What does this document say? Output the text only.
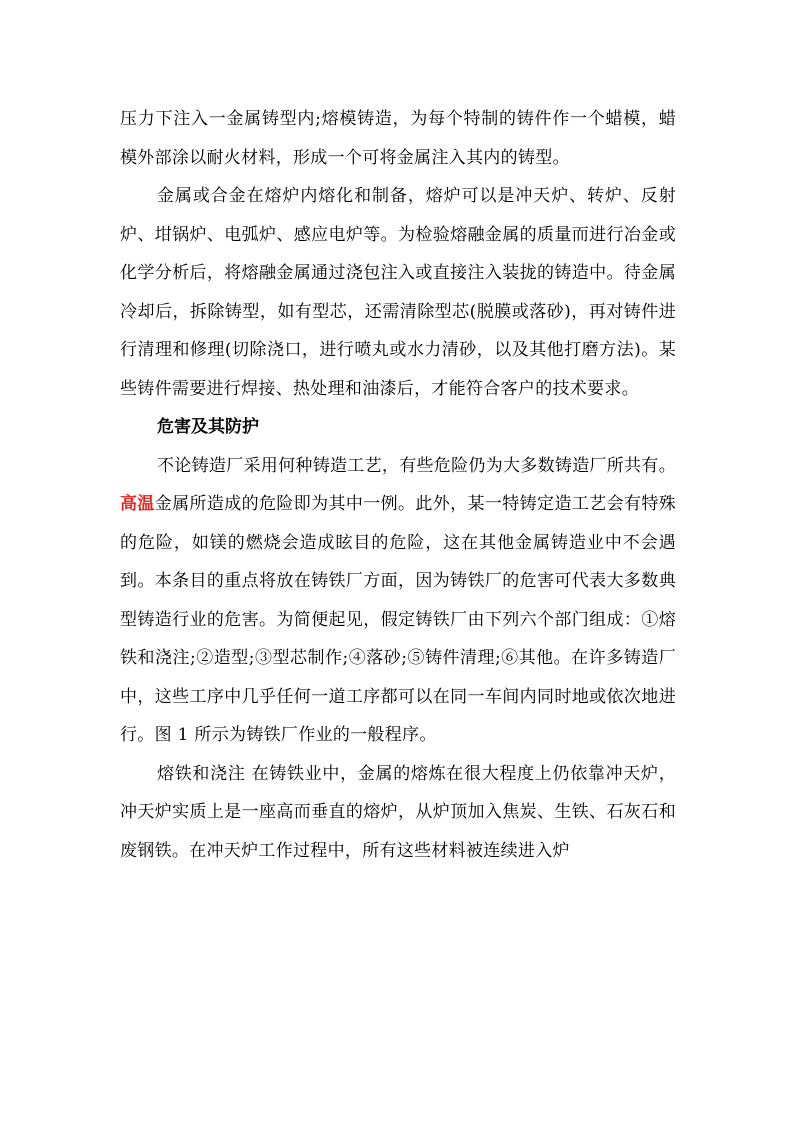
压力下注入一金属铸型内;熔模铸造，为每个特制的铸件作一个蜡模，蜡模外部涂以耐火材料，形成一个可将金属注入其内的铸型。

金属或合金在熔炉内熔化和制备，熔炉可以是冲天炉、转炉、反射炉、坩锅炉、电弧炉、感应电炉等。为检验熔融金属的质量而进行冶金或化学分析后，将熔融金属通过浇包注入或直接注入装拢的铸造中。待金属冷却后，拆除铸型，如有型芯，还需清除型芯(脱膜或落砂)，再对铸件进行清理和修理(切除浇口，进行喷丸或水力清砂，以及其他打磨方法)。某些铸件需要进行焊接、热处理和油漆后，才能符合客户的技术要求。

危害及其防护

不论铸造厂采用何种铸造工艺，有些危险仍为大多数铸造厂所共有。高温金属所造成的危险即为其中一例。此外，某一特铸定造工艺会有特殊的危险，如镁的燃烧会造成眩目的危险，这在其他金属铸造业中不会遇到。本条目的重点将放在铸铁厂方面，因为铸铁厂的危害可代表大多数典型铸造行业的危害。为简便起见，假定铸铁厂由下列六个部门组成：①熔铁和浇注;②造型;③型芯制作;④落砂;⑤铸件清理;⑥其他。在许多铸造厂中，这些工序中几乎任何一道工序都可以在同一车间内同时地或依次地进行。图 1 所示为铸铁厂作业的一般程序。

熔铁和浇注 在铸铁业中，金属的熔炼在很大程度上仍依靠冲天炉，冲天炉实质上是一座高而垂直的熔炉，从炉顶加入焦炭、生铁、石灰石和废钢铁。在冲天炉工作过程中，所有这些材料被连续进入炉
